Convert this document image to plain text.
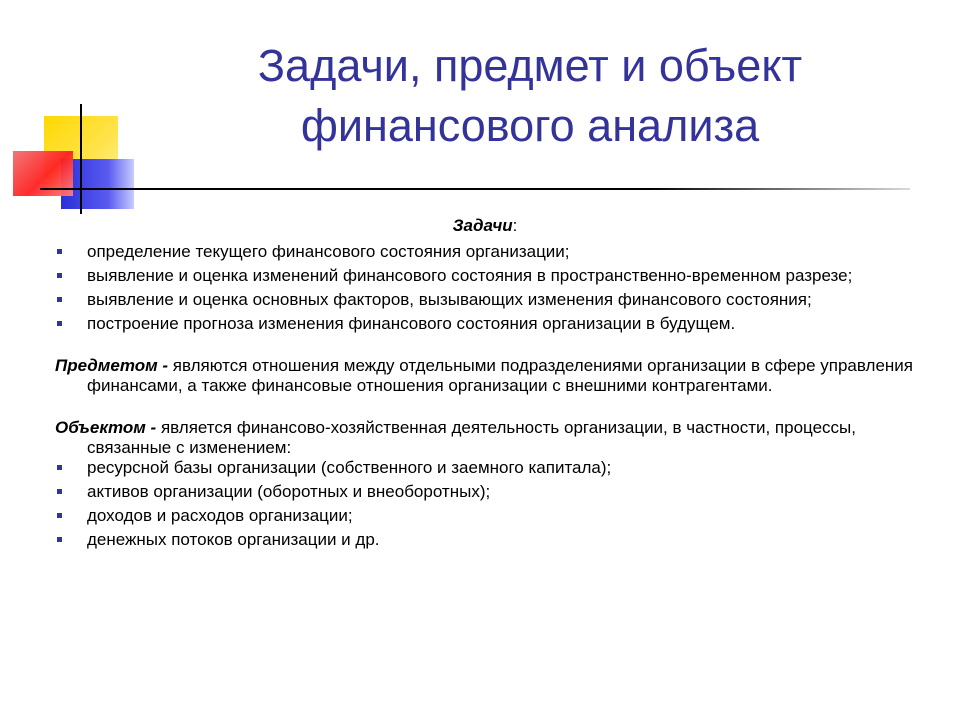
Задачи, предмет и объект финансового анализа
Задачи:
определение текущего финансового состояния организации;
выявление и оценка изменений финансового состояния в пространственно-временном разрезе;
выявление и оценка основных факторов, вызывающих изменения финансового состояния;
построение прогноза изменения финансового состояния организации в будущем.
Предметом - являются отношения между отдельными подразделениями организации в сфере управления финансами, а также финансовые отношения организации с внешними контрагентами.
Объектом - является финансово-хозяйственная деятельность организации, в частности, процессы, связанные с изменением:
ресурсной базы организации (собственного и заемного капитала);
активов организации (оборотных и внеоборотных);
доходов и расходов организации;
денежных потоков организации и др.
